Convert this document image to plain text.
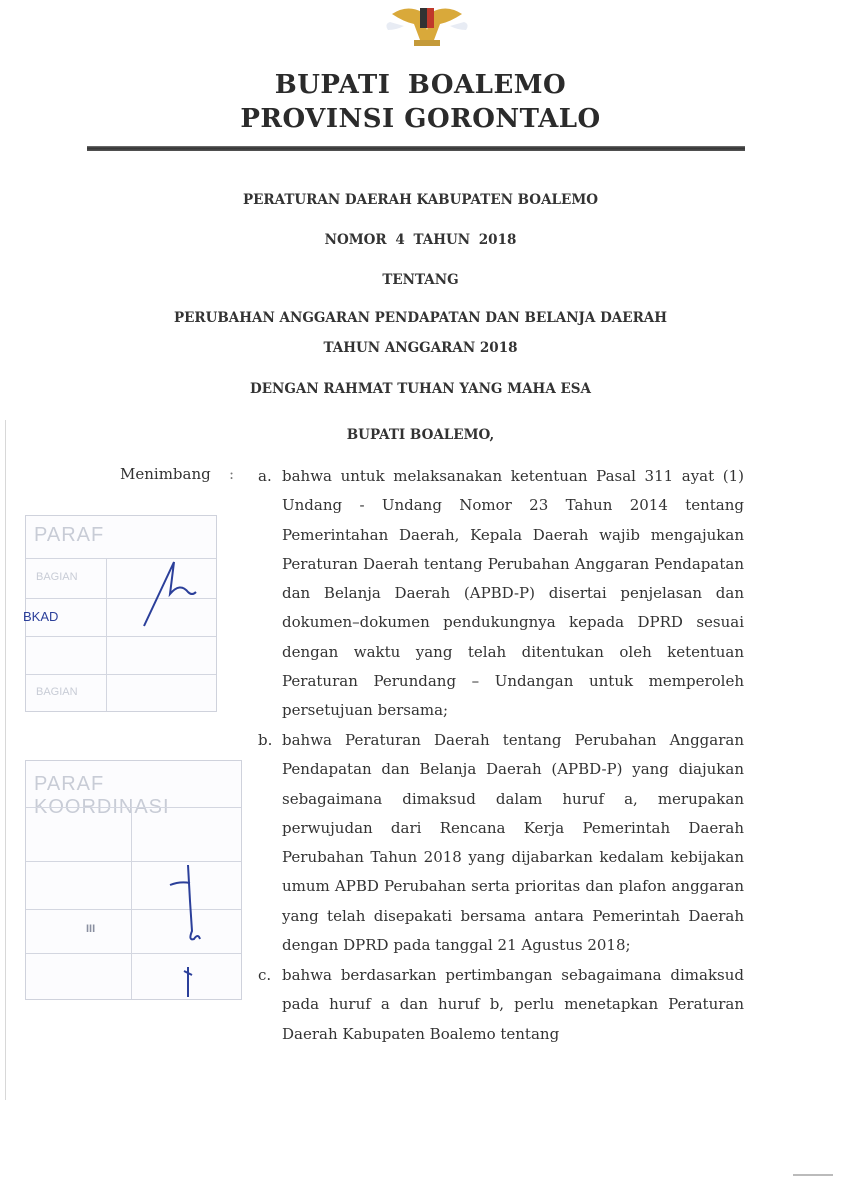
BUPATI BOALEMO
PROVINSI GORONTALO
PERATURAN DAERAH KABUPATEN BOALEMO
NOMOR 4 TAHUN 2018
TENTANG
PERUBAHAN ANGGARAN PENDAPATAN DAN BELANJA DAERAH
TAHUN ANGGARAN 2018
DENGAN RAHMAT TUHAN YANG MAHA ESA
BUPATI BOALEMO,
Menimbang : a. bahwa untuk melaksanakan ketentuan Pasal 311 ayat (1) Undang - Undang Nomor 23 Tahun 2014 tentang Pemerintahan Daerah, Kepala Daerah wajib mengajukan Peraturan Daerah tentang Perubahan Anggaran Pendapatan dan Belanja Daerah (APBD-P) disertai penjelasan dan dokumen–dokumen pendukungnya kepada DPRD sesuai dengan waktu yang telah ditentukan oleh ketentuan Peraturan Perundang – Undangan untuk memperoleh persetujuan bersama;
b. bahwa Peraturan Daerah tentang Perubahan Anggaran Pendapatan dan Belanja Daerah (APBD-P) yang diajukan sebagaimana dimaksud dalam huruf a, merupakan perwujudan dari Rencana Kerja Pemerintah Daerah Perubahan Tahun 2018 yang dijabarkan kedalam kebijakan umum APBD Perubahan serta prioritas dan plafon anggaran yang telah disepakati bersama antara Pemerintah Daerah dengan DPRD pada tanggal 21 Agustus 2018;
c. bahwa berdasarkan pertimbangan sebagaimana dimaksud pada huruf a dan huruf b, perlu menetapkan Peraturan Daerah Kabupaten Boalemo tentang
PARAF
BAGIAN
BAGIAN
BKAD
PARAF KOORDINASI
III
